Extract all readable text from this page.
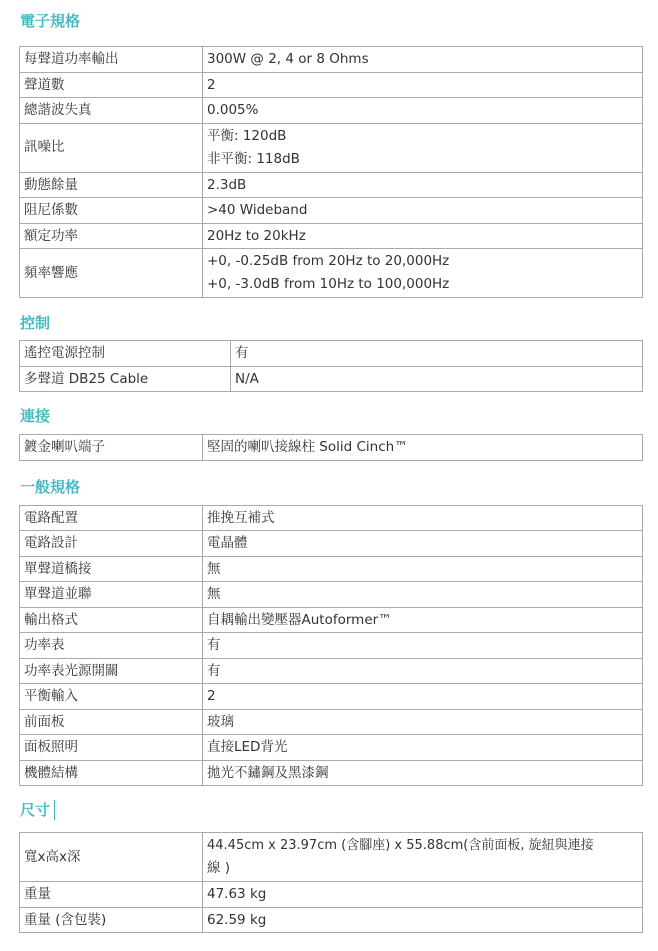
電子規格
每聲道功率輸出	300W @ 2, 4 or 8 Ohms
聲道數	2
總諧波失真	0.005%
訊噪比	平衡: 120dB
非平衡: 118dB

動態餘量	2.3dB
阻尼係數	>40 Wideband
額定功率	20Hz to 20kHz
頻率響應	+0, -0.25dB from 20Hz to 20,000Hz
+0, -3.0dB from 10Hz to 100,000Hz
控制
遙控電源控制	有
多聲道 DB25 Cable	N/A
連接
鍍金喇叭端子	堅固的喇叭接線柱 Solid Cinch™
一般規格
電路配置	推挽互補式
電路設計	電晶體
單聲道橋接	無
單聲道並聯	無
輸出格式	自耦輸出變壓器Autoformer™
功率表	有
功率表光源開關	有
平衡輸入	2
前面板	玻璃
面板照明	直接LED背光
機體結構	拋光不鏽鋼及黑漆鋼
尺寸
寬x高x深	44.45cm x 23.97cm (含腳座) x 55.88cm(含前面板, 旋紐與連接
線 )

重量	47.63 kg
重量 (含包裝)	62.59 kg
